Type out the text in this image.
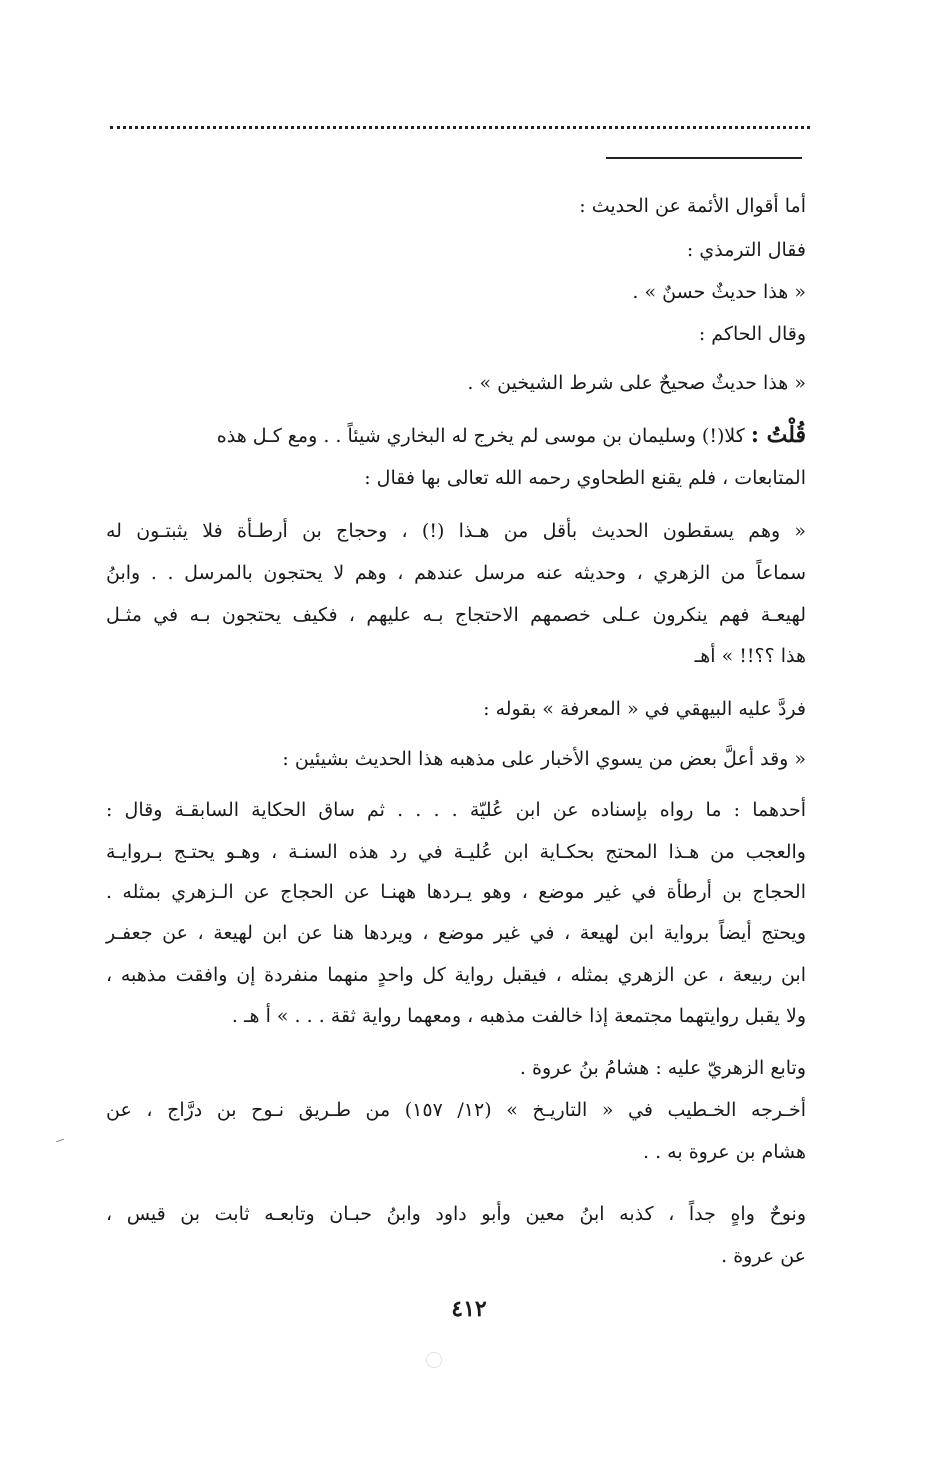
أما أقوال الأئمة عن الحديث :
فقال الترمذي :
« هذا حديثٌ حسنٌ » .
وقال الحاكم :
« هذا حديثٌ صحيحٌ على شرط الشيخين » .
قُلْتُ : كلا(!) وسليمان بن موسى لم يخرج له البخاري شيئاً . . ومع كـل هذه
المتابعات ، فلم يقنع الطحاوي رحمه الله تعالى بها فقال :
« وهم يسقطون الحديث بأقل من هـذا (!) ، وحجاج بن أرطـأة فلا يثبتـون له
سماعاً من الزهري ، وحديثه عنه مرسل عندهم ، وهم لا يحتجون بالمرسل . . وابنُ
لهيعـة فهم ينكرون عـلى خصمهم الاحتجاج بـه عليهم ، فكيف يحتجون بـه في مثـل
هذا ؟؟!! » أهـ
فردَّ عليه البيهقي في « المعرفة » بقوله :
« وقد أعلَّ بعض من يسوي الأخبار على مذهبه هذا الحديث بشيئين :
أحدهما : ما رواه بإسناده عن ابن عُليّة . . . . ثم ساق الحكاية السابقـة وقال :
والعجب من هـذا المحتج بحكـاية ابن عُليـة في رد هذه السنـة ، وهـو يحتـج بـروايـة
الحجاج بن أرطأة في غير موضع ، وهو يـردها ههنـا عن الحجاج عن الـزهري بمثله .
ويحتج أيضاً برواية ابن لهيعة ، في غير موضع ، ويردها هنا عن ابن لهيعة ، عن جعفـر
ابن ربيعة ، عن الزهري بمثله ، فيقبل رواية كل واحدٍ منهما منفردة إن وافقت مذهبه ،
ولا يقبل روايتهما مجتمعة إذا خالفت مذهبه ، ومعهما رواية ثقة . . . » أ هـ .
وتابع الزهريّ عليه : هشامُ بنُ عروة .
أخـرجه الخـطيب في « التاريـخ » (١٢/ ١٥٧) من طـريق نـوح بن درَّاج ، عن
هشام بن عروة به . .
ونوحٌ واهٍ جداً ، كذبه ابنُ معين وأبو داود وابنُ حبـان وتابعـه ثابت بن قيس ،
عن عروة .
٤١٢
